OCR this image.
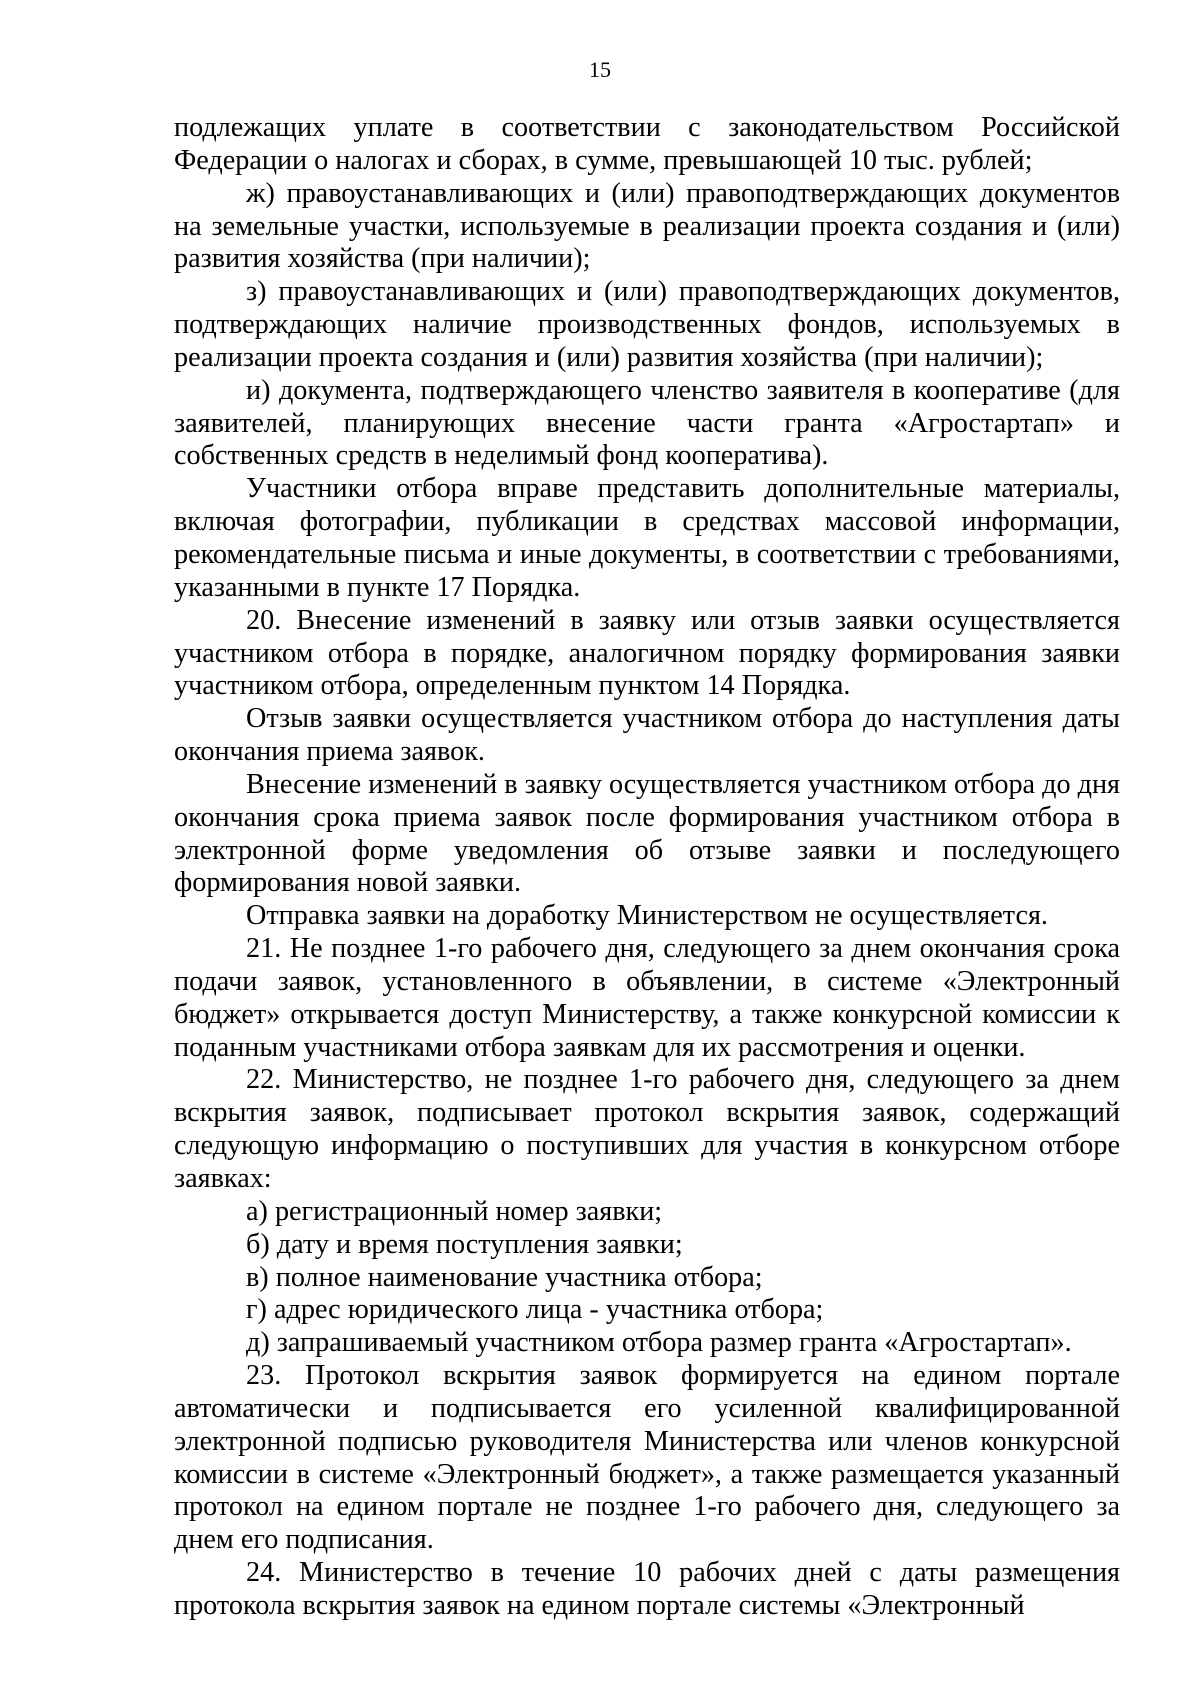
15

подлежащих уплате в соответствии с законодательством Российской Федерации о налогах и сборах, в сумме, превышающей 10 тыс. рублей;

ж) правоустанавливающих и (или) правоподтверждающих документов на земельные участки, используемые в реализации проекта создания и (или) развития хозяйства (при наличии);

з) правоустанавливающих и (или) правоподтверждающих документов, подтверждающих наличие производственных фондов, используемых в реализации проекта создания и (или) развития хозяйства (при наличии);

и) документа, подтверждающего членство заявителя в кооперативе (для заявителей, планирующих внесение части гранта «Агростартап» и собственных средств в неделимый фонд кооператива).

Участники отбора вправе представить дополнительные материалы, включая фотографии, публикации в средствах массовой информации, рекомендательные письма и иные документы, в соответствии с требованиями, указанными в пункте 17 Порядка.

20. Внесение изменений в заявку или отзыв заявки осуществляется участником отбора в порядке, аналогичном порядку формирования заявки участником отбора, определенным пунктом 14 Порядка.

Отзыв заявки осуществляется участником отбора до наступления даты окончания приема заявок.

Внесение изменений в заявку осуществляется участником отбора до дня окончания срока приема заявок после формирования участником отбора в электронной форме уведомления об отзыве заявки и последующего формирования новой заявки.

Отправка заявки на доработку Министерством не осуществляется.

21. Не позднее 1-го рабочего дня, следующего за днем окончания срока подачи заявок, установленного в объявлении, в системе «Электронный бюджет» открывается доступ Министерству, а также конкурсной комиссии к поданным участниками отбора заявкам для их рассмотрения и оценки.

22. Министерство, не позднее 1-го рабочего дня, следующего за днем вскрытия заявок, подписывает протокол вскрытия заявок, содержащий следующую информацию о поступивших для участия в конкурсном отборе заявках:

а) регистрационный номер заявки;

б) дату и время поступления заявки;

в) полное наименование участника отбора;

г) адрес юридического лица - участника отбора;

д) запрашиваемый участником отбора размер гранта «Агростартап».

23. Протокол вскрытия заявок формируется на едином портале автоматически и подписывается его усиленной квалифицированной электронной подписью руководителя Министерства или членов конкурсной комиссии в системе «Электронный бюджет», а также размещается указанный протокол на едином портале не позднее 1-го рабочего дня, следующего за днем его подписания.

24. Министерство в течение 10 рабочих дней с даты размещения протокола вскрытия заявок на едином портале системы «Электронный
